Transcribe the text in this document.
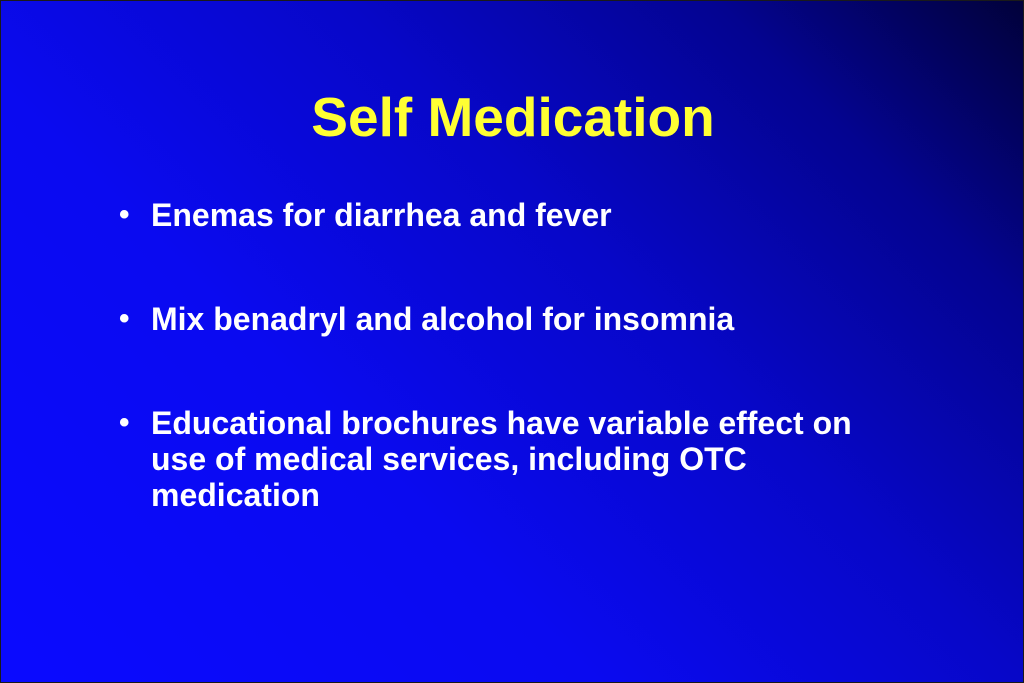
Self Medication
• Enemas for diarrhea and fever
• Mix benadryl and alcohol for insomnia
• Educational brochures have variable effect on use of medical services, including OTC medication
